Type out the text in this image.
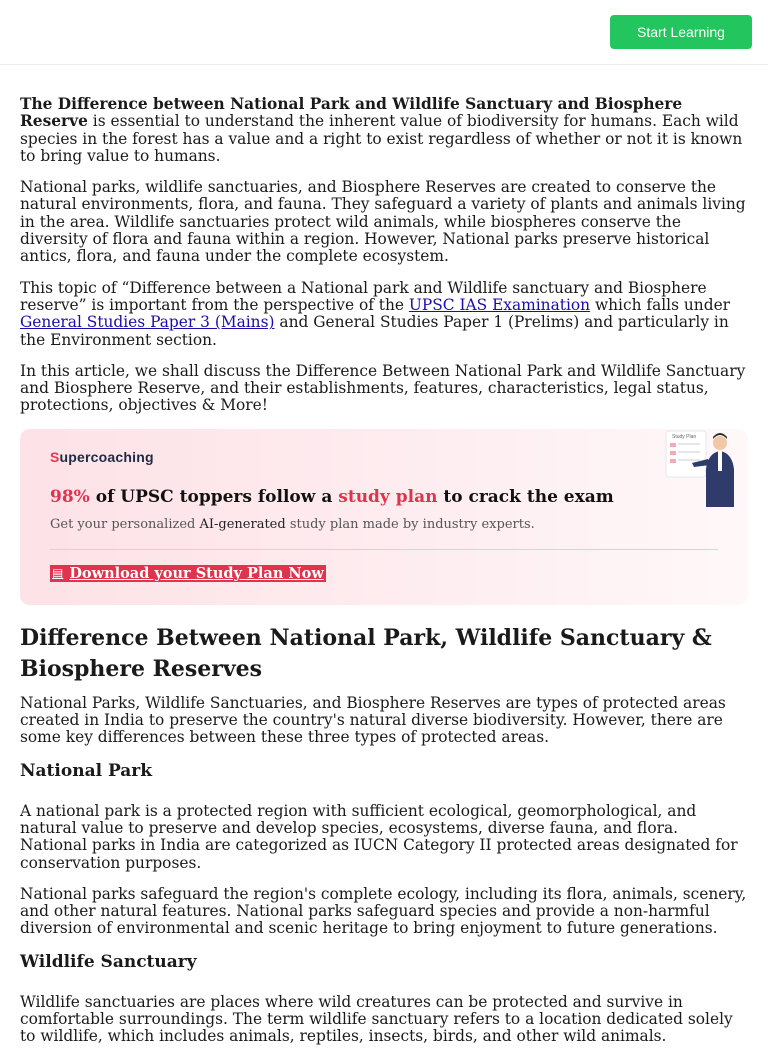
Start Learning

The Difference between National Park and Wildlife Sanctuary and Biosphere Reserve is essential to understand the inherent value of biodiversity for humans. Each wild species in the forest has a value and a right to exist regardless of whether or not it is known to bring value to humans.

National parks, wildlife sanctuaries, and Biosphere Reserves are created to conserve the natural environments, flora, and fauna. They safeguard a variety of plants and animals living in the area. Wildlife sanctuaries protect wild animals, while biospheres conserve the diversity of flora and fauna within a region. However, National parks preserve historical antics, flora, and fauna under the complete ecosystem.

This topic of “Difference between a National park and Wildlife sanctuary and Biosphere reserve” is important from the perspective of the UPSC IAS Examination which falls under General Studies Paper 3 (Mains) and General Studies Paper 1 (Prelims) and particularly in the Environment section.

In this article, we shall discuss the Difference Between National Park and Wildlife Sanctuary and Biosphere Reserve, and their establishments, features, characteristics, legal status, protections, objectives & More!

Supercoaching
98% of UPSC toppers follow a study plan to crack the exam
Get your personalized AI-generated study plan made by industry experts.
▤ Download your Study Plan Now
Study Plan
Difference Between National Park, Wildlife Sanctuary & Biosphere Reserves

National Parks, Wildlife Sanctuaries, and Biosphere Reserves are types of protected areas created in India to preserve the country's natural diverse biodiversity. However, there are some key differences between these three types of protected areas.

National Park

A national park is a protected region with sufficient ecological, geomorphological, and natural value to preserve and develop species, ecosystems, diverse fauna, and flora. National parks in India are categorized as IUCN Category II protected areas designated for conservation purposes.

National parks safeguard the region's complete ecology, including its flora, animals, scenery, and other natural features. National parks safeguard species and provide a non-harmful diversion of environmental and scenic heritage to bring enjoyment to future generations.

Wildlife Sanctuary

Wildlife sanctuaries are places where wild creatures can be protected and survive in comfortable surroundings. The term wildlife sanctuary refers to a location dedicated solely to wildlife, which includes animals, reptiles, insects, birds, and other wild animals.
